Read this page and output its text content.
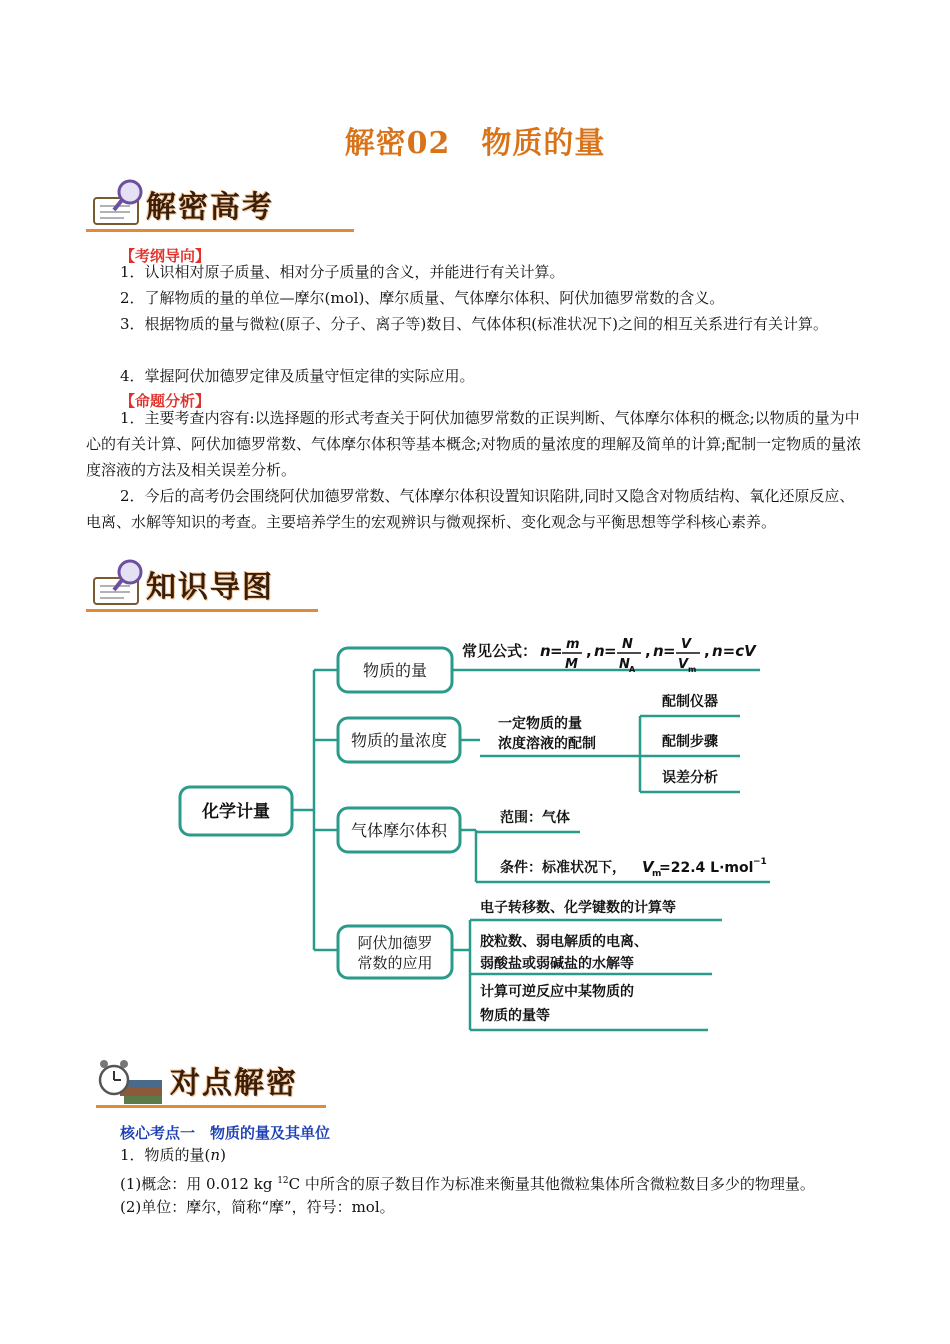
解密02　物质的量
解密高考
【考纲导向】
1．认识相对原子质量、相对分子质量的含义，并能进行有关计算。
2．了解物质的量的单位—摩尔(mol)、摩尔质量、气体摩尔体积、阿伏加德罗常数的含义。
3．根据物质的量与微粒(原子、分子、离子等)数目、气体体积(标准状况下)之间的相互关系进行有关计算。
4．掌握阿伏加德罗定律及质量守恒定律的实际应用。
【命题分析】
1．主要考查内容有:以选择题的形式考查关于阿伏加德罗常数的正误判断、气体摩尔体积的概念;以物质的量为中心的有关计算、阿伏加德罗常数、气体摩尔体积等基本概念;对物质的量浓度的理解及简单的计算;配制一定物质的量浓度溶液的方法及相关误差分析。
2．今后的高考仍会围绕阿伏加德罗常数、气体摩尔体积设置知识陷阱,同时又隐含对物质结构、氧化还原反应、电离、水解等知识的考查。主要培养学生的宏观辨识与微观探析、变化观念与平衡思想等学科核心素养。
知识导图
化学计量
物质的量
物质的量浓度
气体摩尔体积
阿伏加德罗
常数的应用
常见公式： n = m
M
, n = N
N A
, n = V
V m
, n=cV
一定物质的量
浓度溶液的配制
配制仪器
配制步骤
误差分析
范围：气体
条件：标准状况下， V
m
=22.4 L·mol −1
电子转移数、化学键数的计算等
胶粒数、弱电解质的电离、
弱酸盐或弱碱盐的水解等
计算可逆反应中某物质的
物质的量等
对点解密
核心考点一　物质的量及其单位
1．物质的量(n)
(1)概念：用 0.012 kg $^{12}$C 中所含的原子数目作为标准来衡量其他微粒集体所含微粒数目多少的物理量。
(2)单位：摩尔，简称“摩”，符号：mol。
